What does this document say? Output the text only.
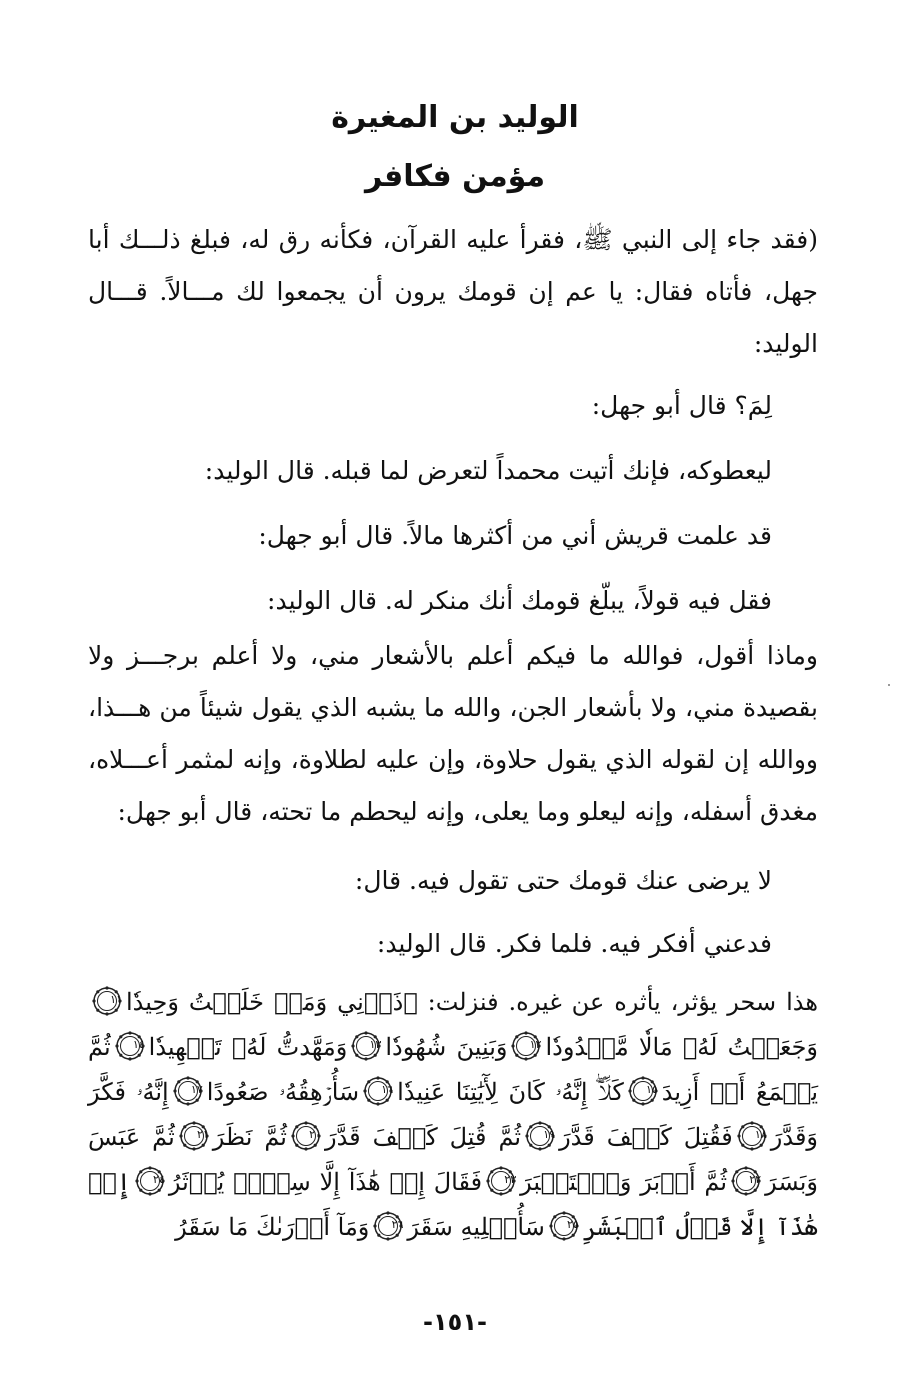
الوليد بن المغيرة
مؤمن فكافر
(فقد جاء إلى النبي ﷺ، فقرأ عليه القرآن، فكأنه رق له، فبلغ ذلـــك أبا جهل، فأتاه فقال: يا عم إن قومك يرون أن يجمعوا لك مـــالاً. قـــال الوليد:
لِمَ؟ قال أبو جهل:
ليعطوكه، فإنك أتيت محمداً لتعرض لما قبله. قال الوليد:
قد علمت قريش أني من أكثرها مالاً. قال أبو جهل:
فقل فيه قولاً، يبلّغ قومك أنك منكر له. قال الوليد:
وماذا أقول، فوالله ما فيكم أعلم بالأشعار مني، ولا أعلم برجـــز ولا بقصيدة مني، ولا بأشعار الجن، والله ما يشبه الذي يقول شيئاً من هـــذا، ووالله إن لقوله الذي يقول حلاوة، وإن عليه لطلاوة، وإنه لمثمر أعـــلاه، مغدق أسفله، وإنه ليعلو وما يعلى، وإنه ليحطم ما تحته، قال أبو جهل:
لا يرضى عنك قومك حتى تقول فيه. قال:
فدعني أفكر فيه. فلما فكر. قال الوليد:
هذا سحر يؤثر، يأثره عن غيره. فنزلت: ﴿ذَرۡنِي وَمَنۡ خَلَقۡتُ وَحِيدٗا
١١
وَجَعَلۡتُ لَهُۥ مَالٗا مَّمۡدُودٗا
١٢
وَبَنِينَ شُهُودٗا
١٣
وَمَهَّدتُّ لَهُۥ تَمۡهِيدٗا
١٤
ثُمَّ يَطۡمَعُ أَنۡ أَزِيدَ
١٥
كَلَّآۖ إِنَّهُۥ كَانَ لِأٓيَٰتِنَا عَنِيدٗا
١٦
سَأُرۡهِقُهُۥ صَعُودًا
١٧
إِنَّهُۥ فَكَّرَ وَقَدَّرَ
١٨
فَقُتِلَ كَيۡفَ قَدَّرَ
١٩
ثُمَّ قُتِلَ كَيۡفَ قَدَّرَ
٢٠
ثُمَّ نَظَرَ
٢١
ثُمَّ عَبَسَ وَبَسَرَ
٢٢
ثُمَّ أَدۡبَرَ وَٱسۡتَكۡبَرَ
٢٣
فَقَالَ إِنۡ هَٰذَآ إِلَّا سِحۡرٞ يُؤۡثَرُ
٢٤
إِنۡ هَٰذَآ إِلَّا قَوۡلُ ٱلۡبَشَرِ
٢٥
سَأُصۡلِيهِ سَقَرَ
٢٦
وَمَآ أَدۡرَىٰكَ مَا سَقَرُ
-١٥١-
